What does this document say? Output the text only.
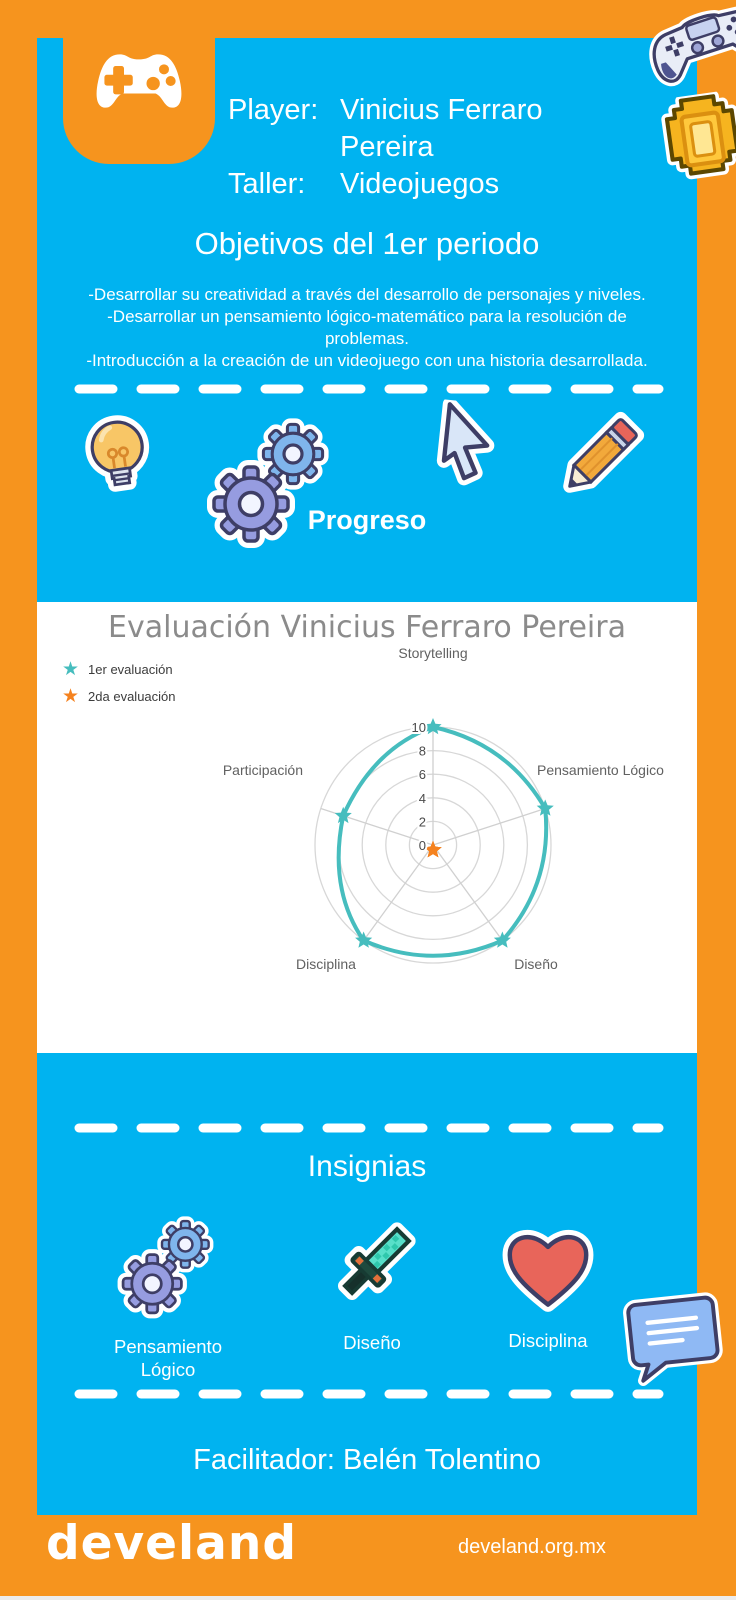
Player: Vinicius Ferraro Pereira
Taller:	Videojuegos
Objetivos del 1er periodo
-Desarrollar su creatividad a través del desarrollo de personajes y niveles.
-Desarrollar un pensamiento lógico-matemático para la resolución de problemas.
-Introducción a la creación de un videojuego con una historia desarrollada.
Progreso
Evaluación Vinicius Ferraro Pereira
★ 1er evaluación
★ 2da evaluación
0
2
4
6
8
10
Storytelling
Pensamiento Lógico
Diseño
Disciplina
Participación
Insignias
Pensamiento Lógico
Diseño	Disciplina
Facilitador: Belén Tolentino
develand	develand.org.mx
